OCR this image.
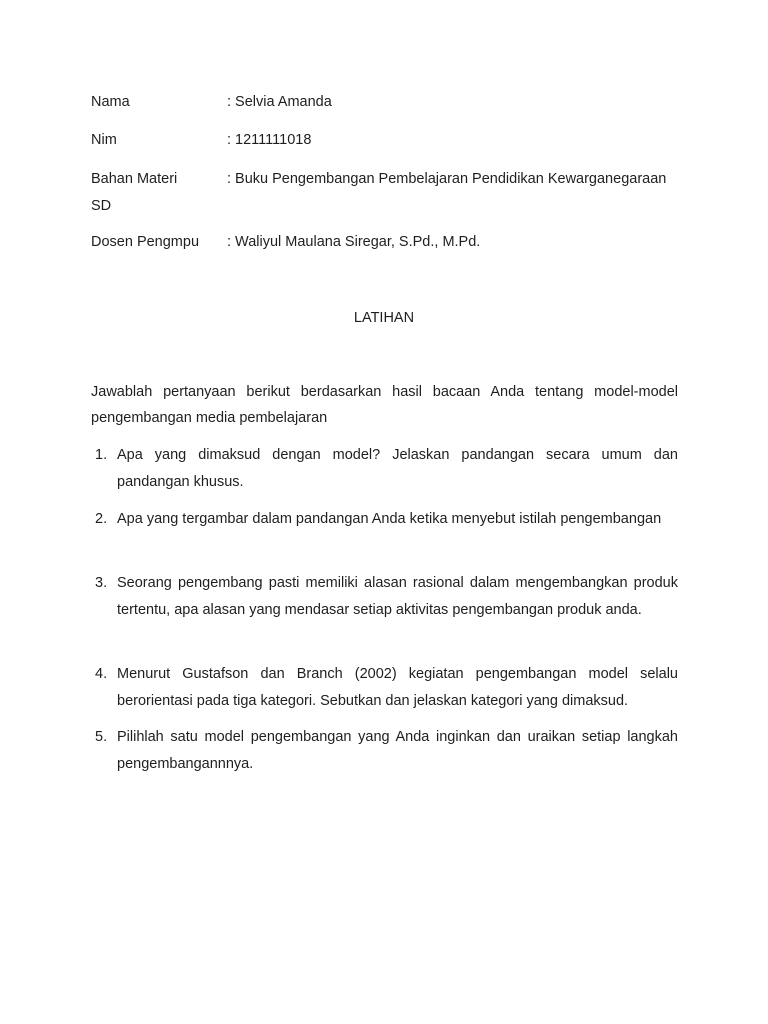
Nama	: Selvia Amanda
Nim	: 1211111018
Bahan Materi	: Buku Pengembangan Pembelajaran Pendidikan Kewarganegaraan
SD
Dosen Pengmpu	: Waliyul Maulana Siregar, S.Pd., M.Pd.
LATIHAN
Jawablah pertanyaan berikut berdasarkan hasil bacaan Anda tentang model-model pengembangan media pembelajaran
1. Apa yang dimaksud dengan model? Jelaskan pandangan secara umum dan pandangan khusus.
2. Apa yang tergambar dalam pandangan Anda ketika menyebut istilah pengembangan
3. Seorang pengembang pasti memiliki alasan rasional dalam mengembangkan produk tertentu, apa alasan yang mendasar setiap aktivitas pengembangan produk anda.
4. Menurut Gustafson dan Branch (2002) kegiatan pengembangan model selalu berorientasi pada tiga kategori. Sebutkan dan jelaskan kategori yang dimaksud.
5. Pilihlah satu model pengembangan yang Anda inginkan dan uraikan setiap langkah pengembangannnya.
